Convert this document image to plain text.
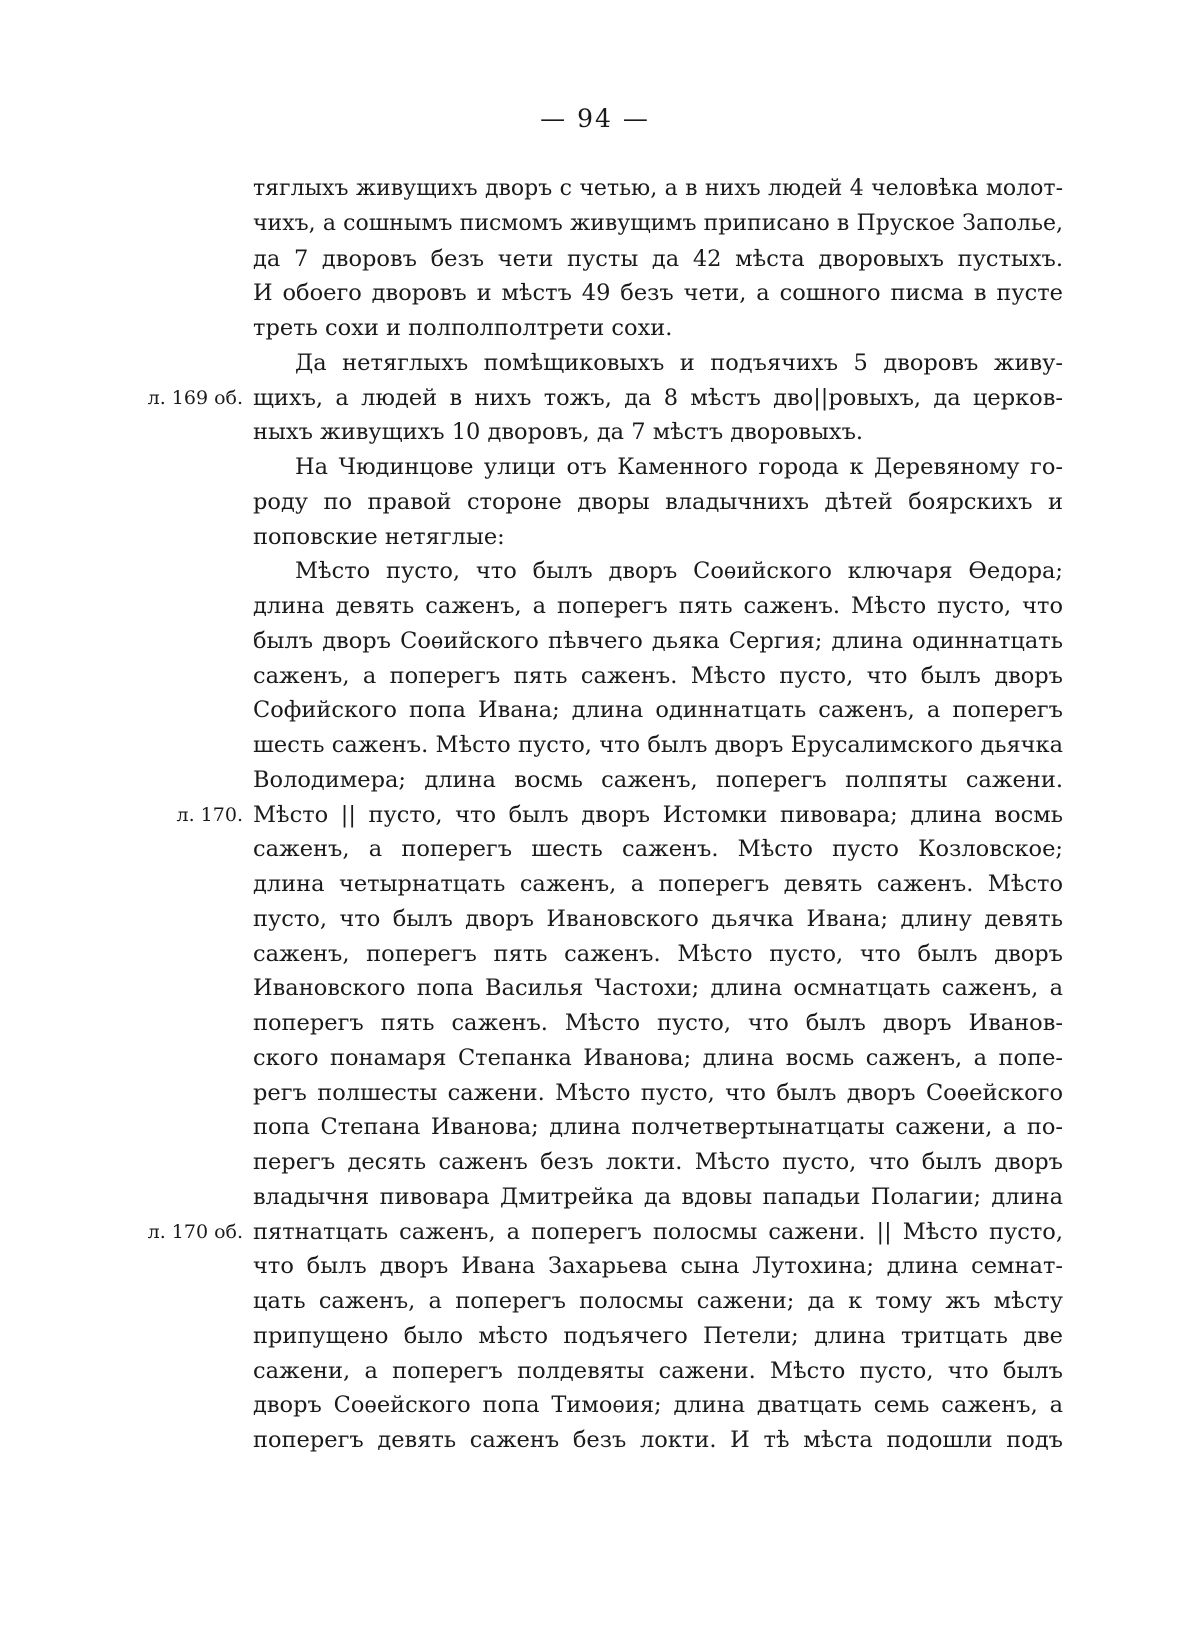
— 94 —
тяглыхъ живущихъ дворъ с четью, а в нихъ людей 4 человѣка молот-
чихъ, а сошнымъ писмомъ живущимъ приписано в Пруское Заполье,
да 7 дворовъ безъ чети пусты да 42 мѣста дворовыхъ пустыхъ.
И обоего дворовъ и мѣстъ 49 безъ чети, а сошного писма в пусте
треть сохи и полполполтрети сохи.
Да нетяглыхъ помѣщиковыхъ и подъячихъ 5 дворовъ живу-
л. 169 об. щихъ, а людей в нихъ тожъ, да 8 мѣстъ дво||ровыхъ, да церков-
ныхъ живущихъ 10 дворовъ, да 7 мѣстъ дворовыхъ.
На Чюдинцове улици отъ Каменного города к Деревяному го-
роду по правой стороне дворы владычнихъ дѣтей боярскихъ и
поповские нетяглые:
Мѣсто пусто, что былъ дворъ Соѳийского ключаря Ѳедора;
длина девять саженъ, а поперегъ пять саженъ. Мѣсто пусто, что
былъ дворъ Соѳийского пѣвчего дьяка Сергия; длина одиннатцать
саженъ, а поперегъ пять саженъ. Мѣсто пусто, что былъ дворъ
Софийского попа Ивана; длина одиннатцать саженъ, а поперегъ
шесть саженъ. Мѣсто пусто, что былъ дворъ Ерусалимского дьячка
Володимера; длина восмь саженъ, поперегъ полпяты сажени.
л. 170. Мѣсто || пусто, что былъ дворъ Истомки пивовара; длина восмь
саженъ, а поперегъ шесть саженъ. Мѣсто пусто Козловское;
длина четырнатцать саженъ, а поперегъ девять саженъ. Мѣсто
пусто, что былъ дворъ Ивановского дьячка Ивана; длину девять
саженъ, поперегъ пять саженъ. Мѣсто пусто, что былъ дворъ
Ивановского попа Василья Частохи; длина осмнатцать саженъ, а
поперегъ пять саженъ. Мѣсто пусто, что былъ дворъ Иванов-
ского понамаря Степанка Иванова; длина восмь саженъ, а попе-
регъ полшесты сажени. Мѣсто пусто, что былъ дворъ Соѳейского
попа Степана Иванова; длина полчетвертынатцаты сажени, а по-
перегъ десять саженъ безъ локти. Мѣсто пусто, что былъ дворъ
владычня пивовара Дмитрейка да вдовы пападьи Полагии; длина
л. 170 об. пятнатцать саженъ, а поперегъ полосмы сажени. || Мѣсто пусто,
что былъ дворъ Ивана Захарьева сына Лутохина; длина семнат-
цать саженъ, а поперегъ полосмы сажени; да к тому жъ мѣсту
припущено было мѣсто подъячего Петели; длина тритцать две
сажени, а поперегъ полдевяты сажени. Мѣсто пусто, что былъ
дворъ Соѳейского попа Тимоѳия; длина дватцать семь саженъ, а
поперегъ девять саженъ безъ локти. И тѣ мѣста подошли подъ
